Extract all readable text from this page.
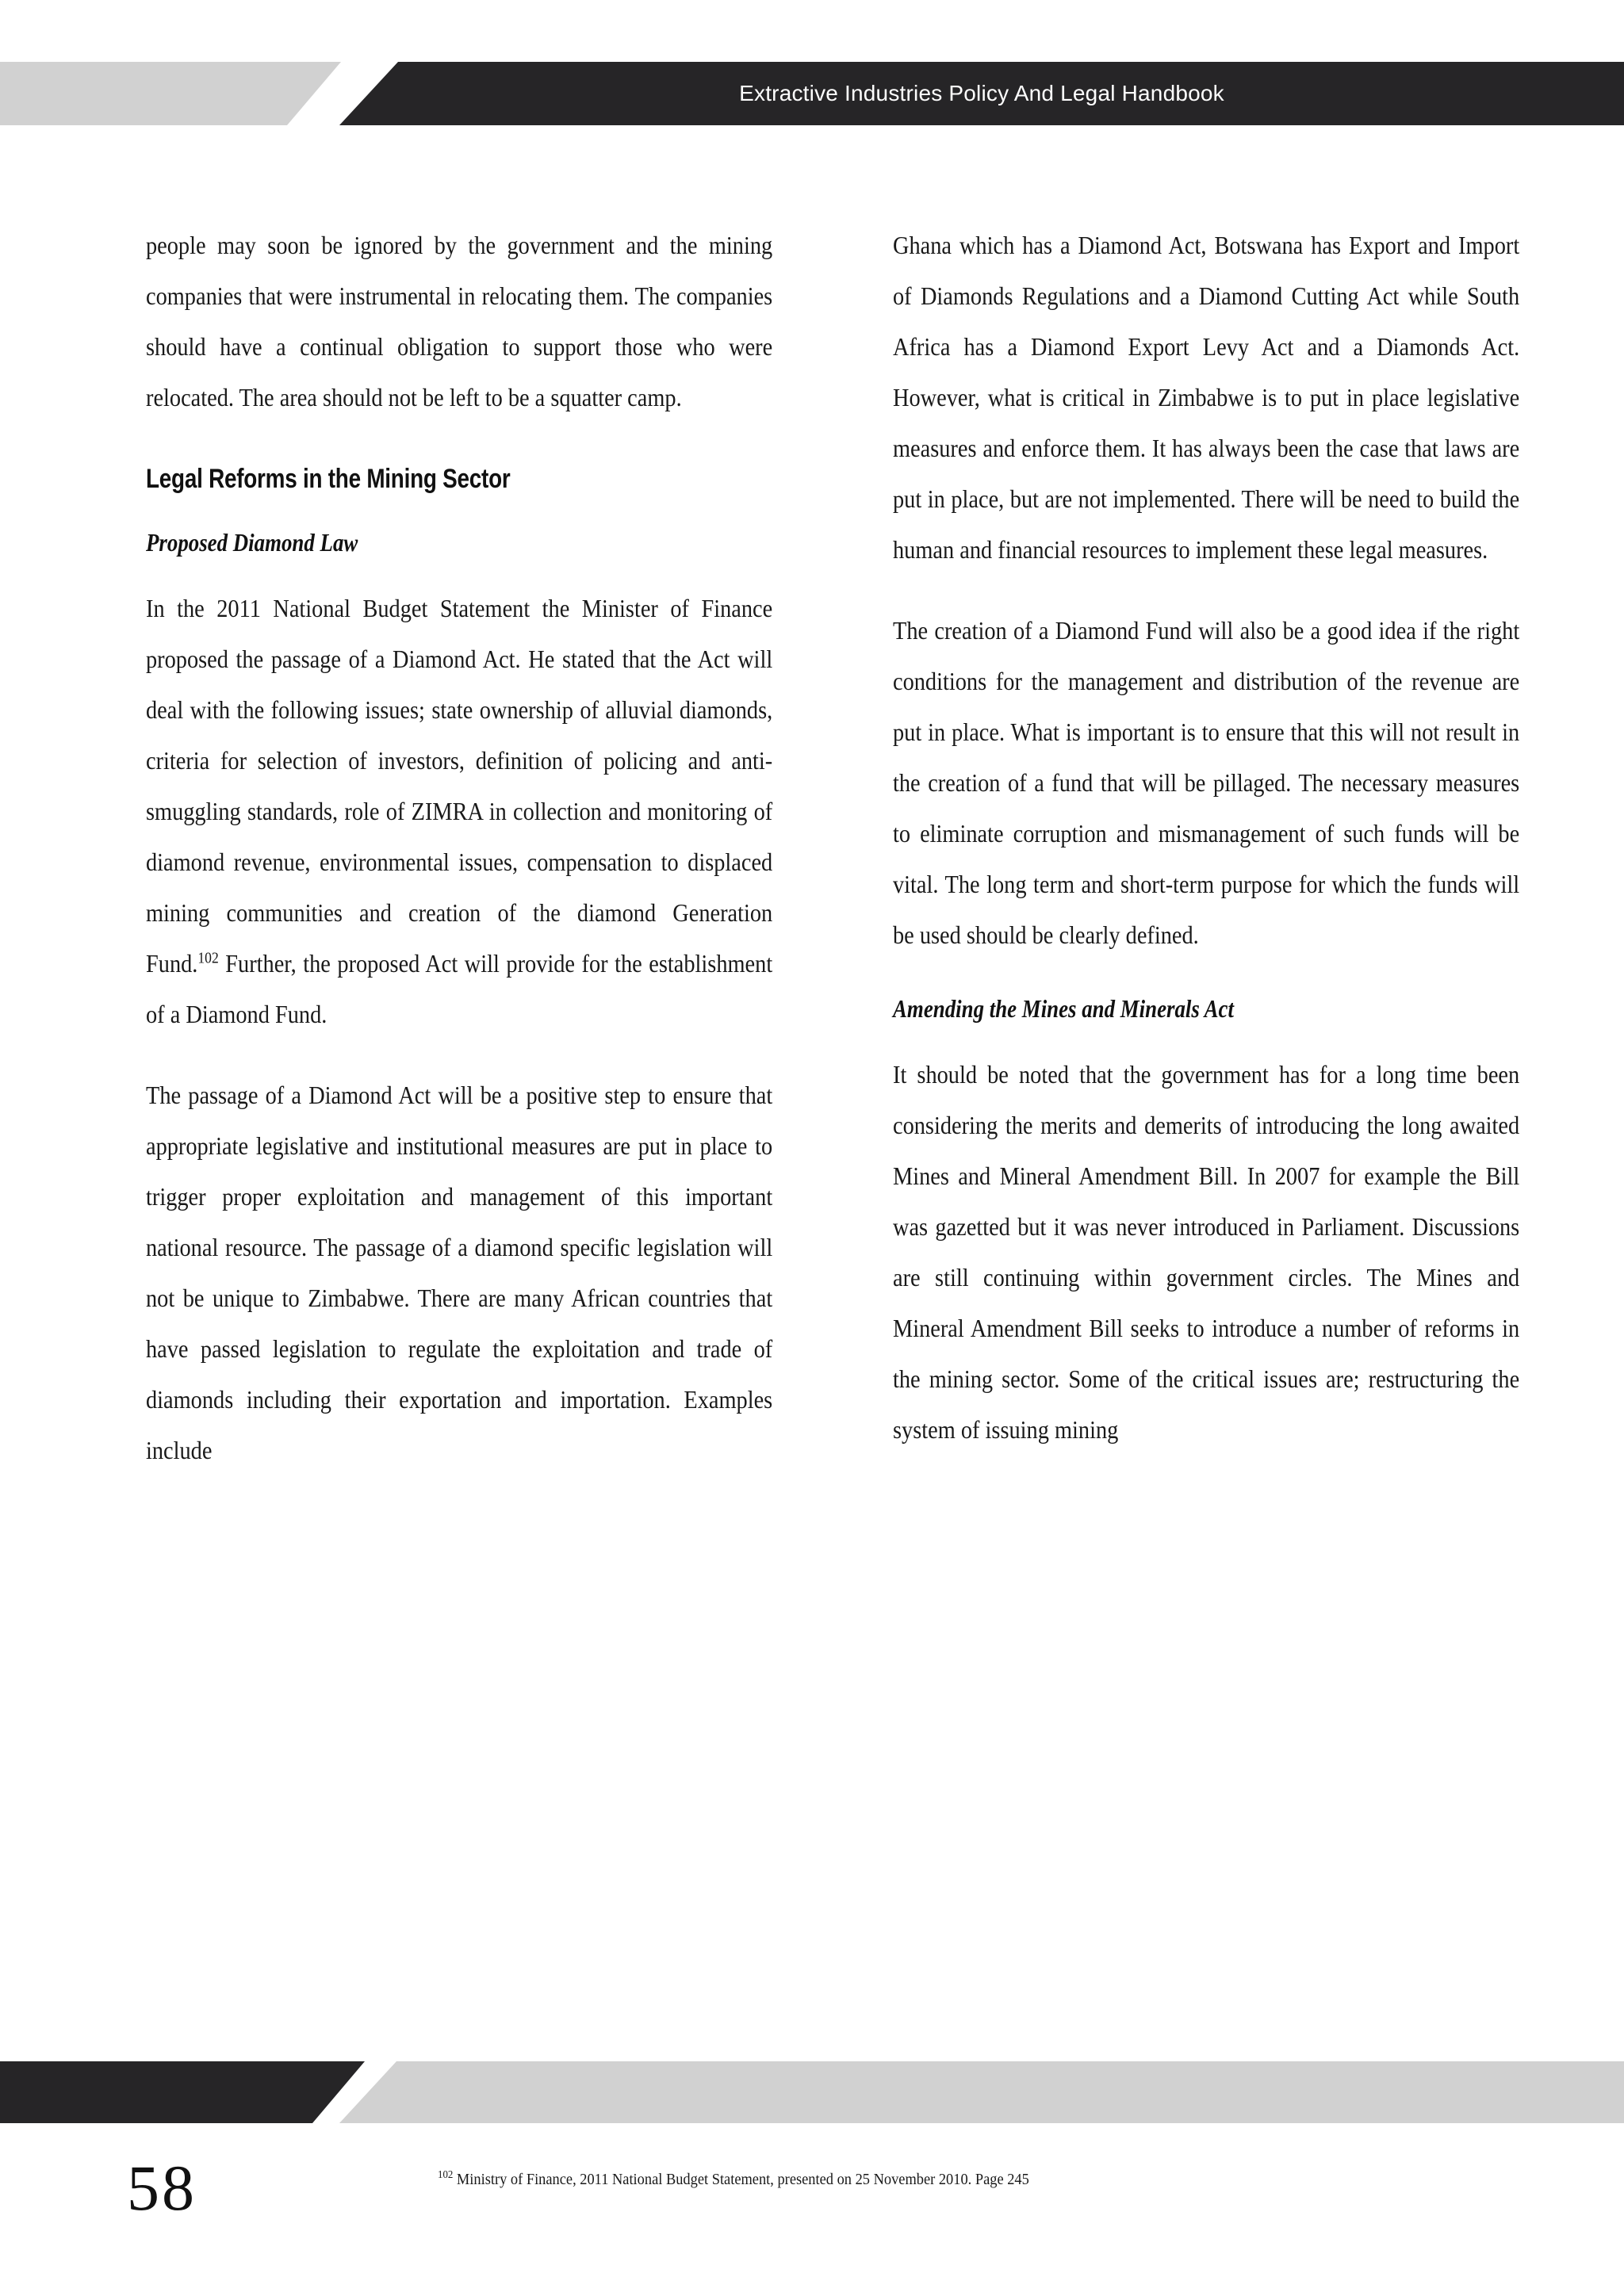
Extractive Industries Policy And Legal Handbook

people may soon be ignored by the government and the mining companies that were instrumental in relocating them. The companies should have a continual obligation to support those who were relocated. The area should not be left to be a squatter camp.

Legal Reforms in the Mining Sector
Proposed Diamond Law

In the 2011 National Budget Statement the Minister of Finance proposed the passage of a Diamond Act. He stated that the Act will deal with the following issues; state ownership of alluvial diamonds, criteria for selection of investors, definition of policing and anti-smuggling standards, role of ZIMRA in collection and monitoring of diamond revenue, environmental issues, compensation to displaced mining communities and creation of the diamond Generation Fund.$^{102}$ Further, the proposed Act will provide for the establishment of a Diamond Fund.

The passage of a Diamond Act will be a positive step to ensure that appropriate legislative and institutional measures are put in place to trigger proper exploitation and management of this important national resource. The passage of a diamond specific legislation will not be unique to Zimbabwe. There are many African countries that have passed legislation to regulate the exploitation and trade of diamonds including their exportation and importation. Examples include

Ghana which has a Diamond Act, Botswana has Export and Import of Diamonds Regulations and a Diamond Cutting Act while South Africa has a Diamond Export Levy Act and a Diamonds Act. However, what is critical in Zimbabwe is to put in place legislative measures and enforce them. It has always been the case that laws are put in place, but are not implemented. There will be need to build the human and financial resources to implement these legal measures.

The creation of a Diamond Fund will also be a good idea if the right conditions for the management and distribution of the revenue are put in place. What is important is to ensure that this will not result in the creation of a fund that will be pillaged. The necessary measures to eliminate corruption and mismanagement of such funds will be vital. The long term and short-term purpose for which the funds will be used should be clearly defined.

Amending the Mines and Minerals Act

It should be noted that the government has for a long time been considering the merits and demerits of introducing the long awaited Mines and Mineral Amendment Bill. In 2007 for example the Bill was gazetted but it was never introduced in Parliament. Discussions are still continuing within government circles. The Mines and Mineral Amendment Bill seeks to introduce a number of reforms in the mining sector. Some of the critical issues are; restructuring the system of issuing mining

58	$^{102}$ Ministry of Finance, 2011 National Budget Statement, presented on 25 November 2010. Page 245
